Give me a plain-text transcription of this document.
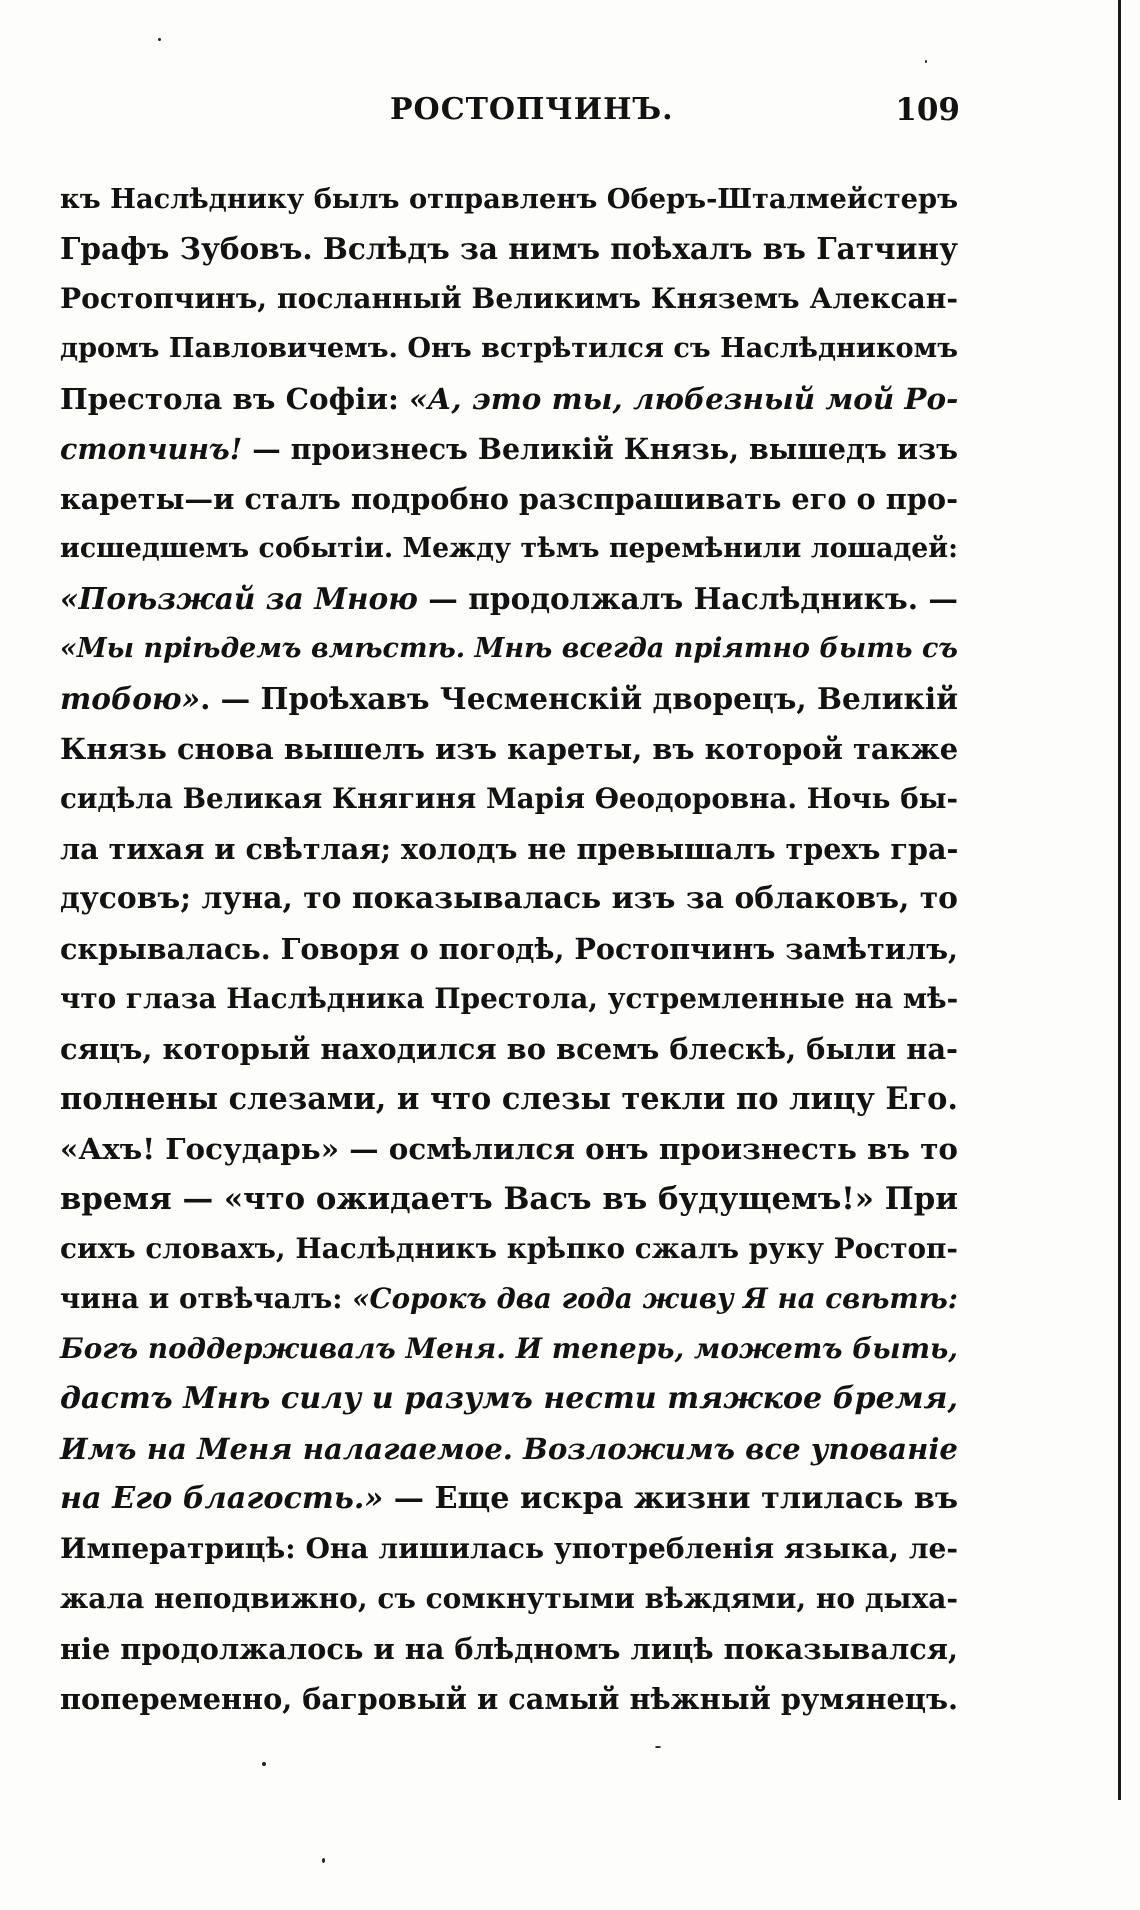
РОСТОПЧИНЪ.	109
къ Наслѣднику былъ отправленъ Оберъ-Шталмейстеръ
Графъ Зубовъ. Вслѣдъ за нимъ поѣхалъ въ Гатчину
Ростопчинъ, посланный Великимъ Княземъ Алексан-
дромъ Павловичемъ. Онъ встрѣтился съ Наслѣдникомъ
Престола въ Софіи: «А, это ты, любезный мой Ро-
стопчинъ! — произнесъ Великій Князь, вышедъ изъ
кареты—и сталъ подробно разспрашивать его о про-
исшедшемъ событіи. Между тѣмъ перемѣнили лошадей:
«Поѣзжай за Мною — продолжалъ Наслѣдникъ. —
«Мы пріѣдемъ вмѣстѣ. Мнѣ всегда пріятно быть съ
тобою». — Проѣхавъ Чесменскій дворецъ, Великій
Князь снова вышелъ изъ кареты, въ которой также
сидѣла Великая Княгиня Марія Ѳеодоровна. Ночь бы-
ла тихая и свѣтлая; холодъ не превышалъ трехъ гра-
дусовъ; луна, то показывалась изъ за облаковъ, то
скрывалась. Говоря о погодѣ, Ростопчинъ замѣтилъ,
что глаза Наслѣдника Престола, устремленные на мѣ-
сяцъ, который находился во всемъ блескѣ, были на-
полнены слезами, и что слезы текли по лицу Его.
«Ахъ! Государь» — осмѣлился онъ произнесть въ то
время — «что ожидаетъ Васъ въ будущемъ!» При
сихъ словахъ, Наслѣдникъ крѣпко сжалъ руку Ростоп-
чина и отвѣчалъ: «Сорокъ два года живу Я на свѣтѣ:
Богъ поддерживалъ Меня. И теперь, можетъ быть,
дастъ Мнѣ силу и разумъ нести тяжкое бремя,
Имъ на Меня налагаемое. Возложимъ все упованіе
на Его благость.» — Еще искра жизни тлилась въ
Императрицѣ: Она лишилась употребленія языка, ле-
жала неподвижно, съ сомкнутыми вѣждями, но дыха-
ніе продолжалось и на блѣдномъ лицѣ показывался,
попеременно, багровый и самый нѣжный румянецъ.
